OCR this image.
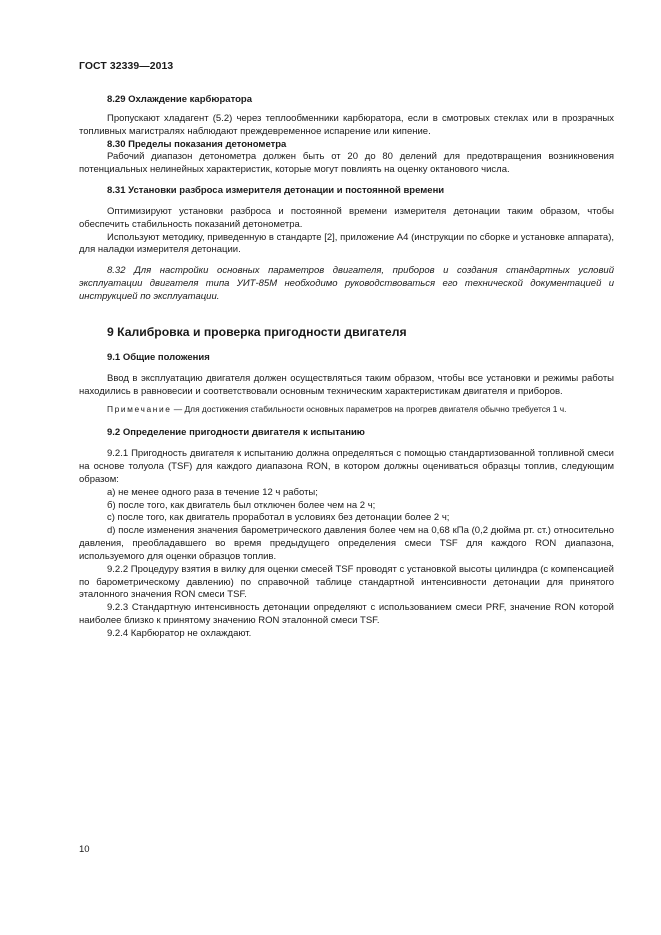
ГОСТ 32339—2013
8.29 Охлаждение карбюратора
Пропускают хладагент (5.2) через теплообменники карбюратора, если в смотровых стеклах или в прозрачных топливных магистралях наблюдают преждевременное испарение или кипение.
8.30 Пределы показания детонометра
Рабочий диапазон детонометра должен быть от 20 до 80 делений для предотвращения возникновения потенциальных нелинейных характеристик, которые могут повлиять на оценку октанового числа.
8.31 Установки разброса измерителя детонации и постоянной времени
Оптимизируют установки разброса и постоянной времени измерителя детонации таким образом, чтобы обеспечить стабильность показаний детонометра.
Используют методику, приведенную в стандарте [2], приложение А4 (инструкции по сборке и установке аппарата), для наладки измерителя детонации.
8.32 Для настройки основных параметров двигателя, приборов и создания стандартных условий эксплуатации двигателя типа УИТ-85М необходимо руководствоваться его технической документацией и инструкцией по эксплуатации.
9 Калибровка и проверка пригодности двигателя
9.1 Общие положения
Ввод в эксплуатацию двигателя должен осуществляться таким образом, чтобы все установки и режимы работы находились в равновесии и соответствовали основным техническим характеристикам двигателя и приборов.
Примечание — Для достижения стабильности основных параметров на прогрев двигателя обычно требуется 1 ч.
9.2 Определение пригодности двигателя к испытанию
9.2.1 Пригодность двигателя к испытанию должна определяться с помощью стандартизованной топливной смеси на основе толуола (TSF) для каждого диапазона RON, в котором должны оцениваться образцы топлив, следующим образом:
а) не менее одного раза в течение 12 ч работы;
б) после того, как двигатель был отключен более чем на 2 ч;
с) после того, как двигатель проработал в условиях без детонации более 2 ч;
d) после изменения значения барометрического давления более чем на 0,68 кПа (0,2 дюйма рт. ст.) относительно давления, преобладавшего во время предыдущего определения смеси TSF для каждого RON диапазона, используемого для оценки образцов топлив.
9.2.2 Процедуру взятия в вилку для оценки смесей TSF проводят с установкой высоты цилиндра (с компенсацией по барометрическому давлению) по справочной таблице стандартной интенсивности детонации для принятого эталонного значения RON смеси TSF.
9.2.3 Стандартную интенсивность детонации определяют с использованием смеси PRF, значение RON которой наиболее близко к принятому значению RON эталонной смеси TSF.
9.2.4 Карбюратор не охлаждают.
10
